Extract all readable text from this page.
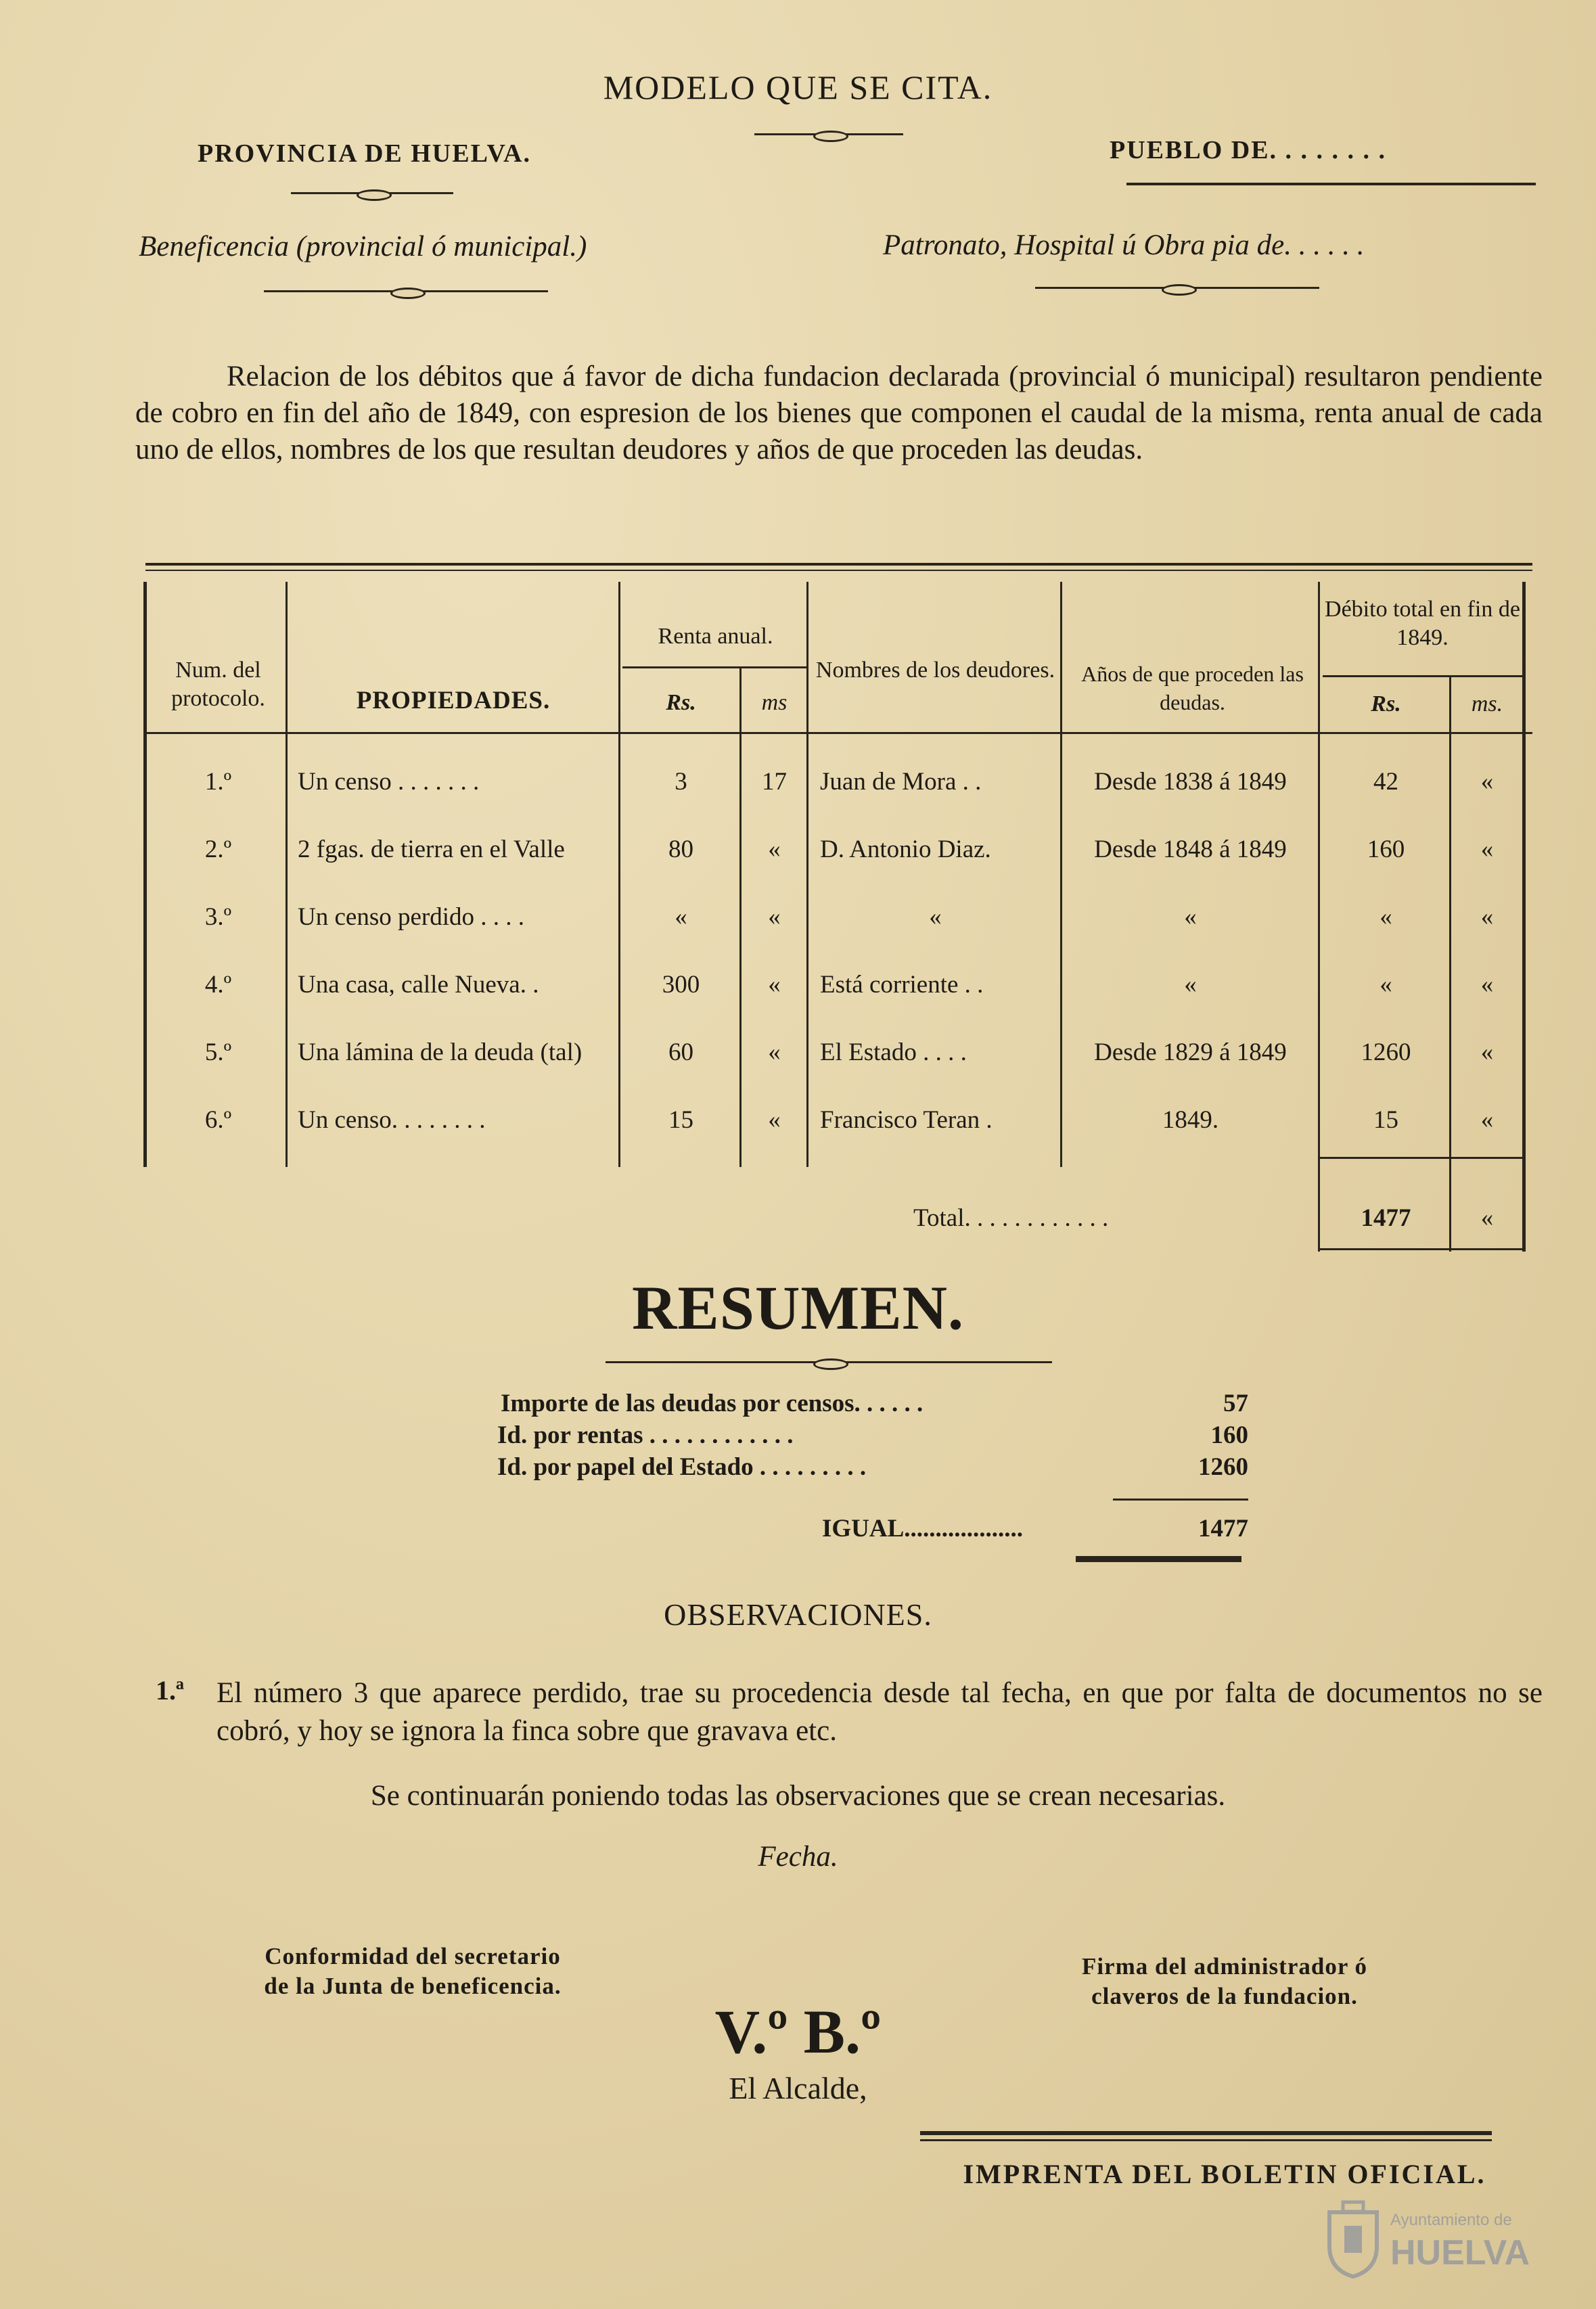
MODELO QUE SE CITA.
PROVINCIA DE HUELVA.	PUEBLO DE. . . . . . . .
Beneficencia (provincial ó municipal.)	Patronato, Hospital ú Obra pia de. . . . . .
Relacion de los débitos que á favor de dicha fundacion declarada (provincial ó municipal) resultaron pendiente de cobro en fin del año de 1849, con espresion de los bienes que componen el caudal de la misma, renta anual de cada uno de ellos, nombres de los que resultan deudores y años de que proceden las deudas.
Num. del protocolo.	PROPIEDADES.
Renta anual.
Rs.	ms
Nombres de los deudores.	Años de que proceden las deudas.
Débito total en fin de 1849.
Rs.	ms.
1.º	Un censo . . . . . . .	3	17	Juan de Mora . .	Desde 1838 á 1849	42	«
2.º	2 fgas. de tierra en el Valle	80	«	D. Antonio Diaz.	Desde 1848 á 1849	160	«
3.º	Un censo perdido . . . .	«	«	«	«	«	«
4.º	Una casa, calle Nueva. .	300	«	Está corriente . .	«	«	«
5.º	Una lámina de la deuda (tal)	60	«	El Estado . . . .	Desde 1829 á 1849	1260	«
6.º	Un censo. . . . . . . .	15	«	Francisco Teran .	1849.	15	«
Total. . . . . . . . . . . .	1477	«
RESUMEN.
Importe de las deudas por censos. . . . . .	57
Id. por rentas . . . . . . . . . . . .	160
Id. por papel del Estado . . . . . . . . .	1260
IGUAL...................	1477
OBSERVACIONES.
1.ª El número 3 que aparece perdido, trae su procedencia desde tal fecha, en que por falta de documentos no se cobró, y hoy se ignora la finca sobre que gravava etc.
Se continuarán poniendo todas las observaciones que se crean necesarias.
Fecha.
Conformidad del secretario
de la Junta de beneficencia.
Firma del administrador ó
claveros de la fundacion.
V.º B.º
El Alcalde,
IMPRENTA DEL BOLETIN OFICIAL.
Ayuntamiento de
HUELVA
